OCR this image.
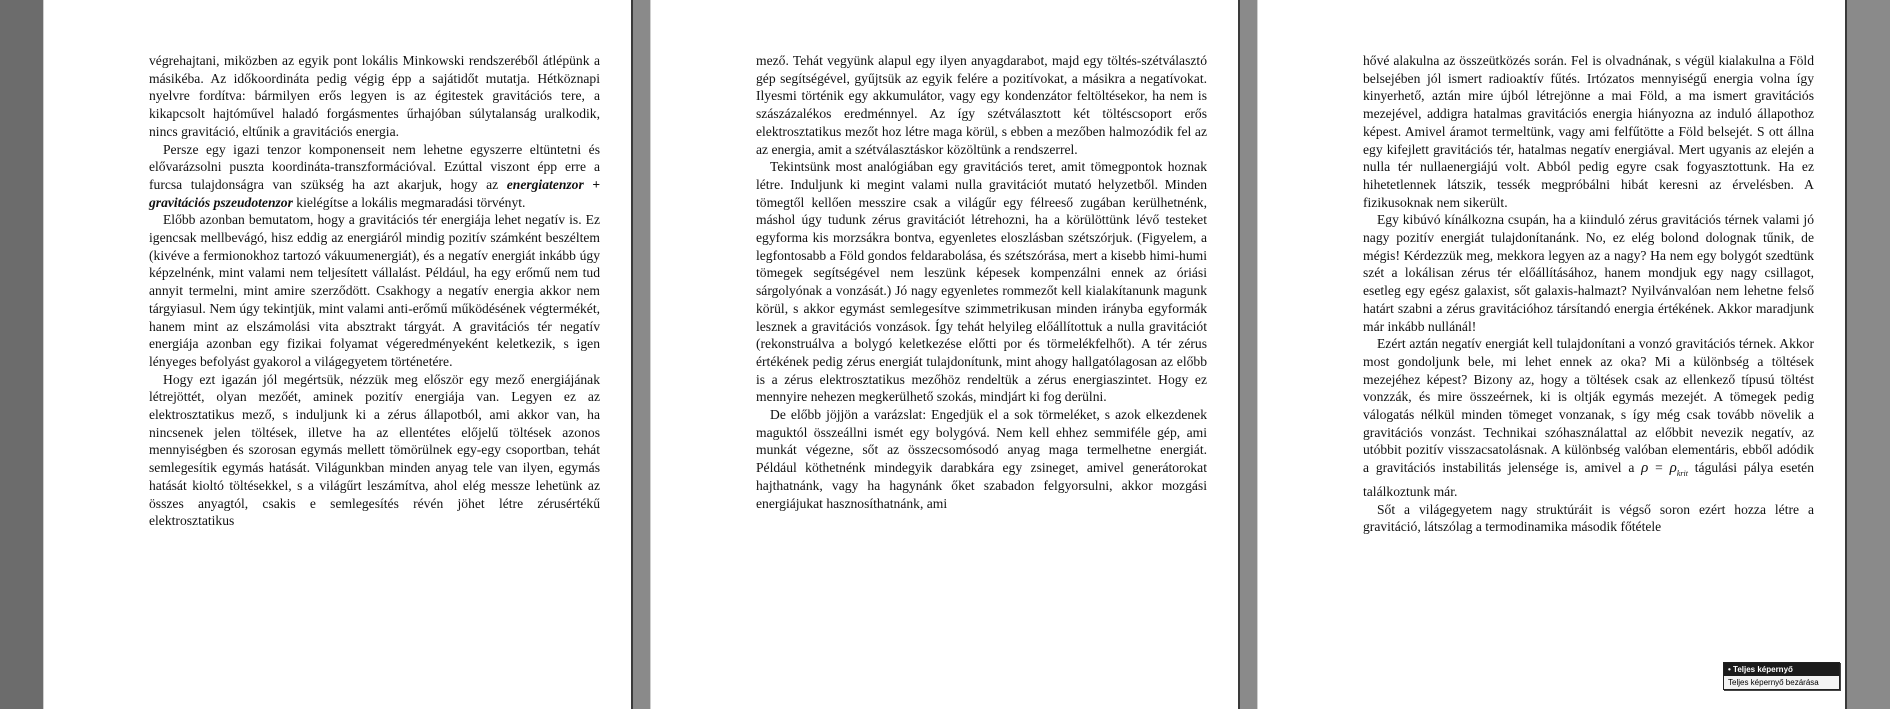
végrehajtani, miközben az egyik pont lokális Minkowski rendszeréből átlépünk a másikéba. Az időkoordináta pedig végig épp a sajátidőt mutatja. Hétköznapi nyelvre fordítva: bármilyen erős legyen is az égitestek gravitációs tere, a kikapcsolt hajtóművel haladó forgásmentes űrhajóban súlytalanság uralkodik, nincs gravitáció, eltűnik a gravitációs energia.

Persze egy igazi tenzor komponenseit nem lehetne egyszerre eltüntetni és elővarázsolni puszta koordináta-transzformációval. Ezúttal viszont épp erre a furcsa tulajdonságra van szükség ha azt akarjuk, hogy az energiatenzor + gravitációs pszeudotenzor kielégítse a lokális megmaradási törvényt.

Előbb azonban bemutatom, hogy a gravitációs tér energiája lehet negatív is. Ez igencsak mellbevágó, hisz eddig az energiáról mindig pozitív számként beszéltem (kivéve a fermionokhoz tartozó vákuumenergiát), és a negatív energiát inkább úgy képzelnénk, mint valami nem teljesített vállalást. Például, ha egy erőmű nem tud annyit termelni, mint amire szerződött. Csakhogy a negatív energia akkor nem tárgyiasul. Nem úgy tekintjük, mint valami anti-erőmű működésének végtermékét, hanem mint az elszámolási vita absztrakt tárgyát. A gravitációs tér negatív energiája azonban egy fizikai folyamat végeredményeként keletkezik, s igen lényeges befolyást gyakorol a világegyetem történetére.

Hogy ezt igazán jól megértsük, nézzük meg először egy mező energiájának létrejöttét, olyan mezőét, aminek pozitív energiája van. Legyen ez az elektrosztatikus mező, s induljunk ki a zérus állapotból, ami akkor van, ha nincsenek jelen töltések, illetve ha az ellentétes előjelű töltések azonos mennyiségben és szorosan egymás mellett tömörülnek egy-egy csoportban, tehát semlegesítik egymás hatását. Világunkban minden anyag tele van ilyen, egymás hatását kioltó töltésekkel, s a világűrt leszámítva, ahol elég messze lehetünk az összes anyagtól, csakis e semlegesítés révén jöhet létre zérusértékű elektrosztatikus

mező. Tehát vegyünk alapul egy ilyen anyagdarabot, majd egy töltés-szétválasztó gép segítségével, gyűjtsük az egyik felére a pozitívokat, a másikra a negatívokat. Ilyesmi történik egy akkumulátor, vagy egy kondenzátor feltöltésekor, ha nem is szászázalékos eredménnyel. Az így szétválasztott két töltéscsoport erős elektrosztatikus mezőt hoz létre maga körül, s ebben a mezőben halmozódik fel az az energia, amit a szétválasztáskor közöltünk a rendszerrel.

Tekintsünk most analógiában egy gravitációs teret, amit tömegpontok hoznak létre. Induljunk ki megint valami nulla gravitációt mutató helyzetből. Minden tömegtől kellően messzire csak a világűr egy félreeső zugában kerülhetnénk, máshol úgy tudunk zérus gravitációt létrehozni, ha a körülöttünk lévő testeket egyforma kis morzsákra bontva, egyenletes eloszlásban szétszórjuk. (Figyelem, a legfontosabb a Föld gondos feldarabolása, és szétszórása, mert a kisebb himi-humi tömegek segítségével nem leszünk képesek kompenzálni ennek az óriási sárgolyónak a vonzását.) Jó nagy egyenletes rommezőt kell kialakítanunk magunk körül, s akkor egymást semlegesítve szimmetrikusan minden irányba egyformák lesznek a gravitációs vonzások. Így tehát helyileg előállítottuk a nulla gravitációt (rekonstruálva a bolygó keletkezése előtti por és törmelékfelhőt). A tér zérus értékének pedig zérus energiát tulajdonítunk, mint ahogy hallgatólagosan az előbb is a zérus elektrosztatikus mezőhöz rendeltük a zérus energiaszintet. Hogy ez mennyire nehezen megkerülhető szokás, mindjárt ki fog derülni.

De előbb jöjjön a varázslat: Engedjük el a sok törmeléket, s azok elkezdenek maguktól összeállni ismét egy bolygóvá. Nem kell ehhez semmiféle gép, ami munkát végezne, sőt az összecsomósodó anyag maga termelhetne energiát. Például köthetnénk mindegyik darabkára egy zsineget, amivel generátorokat hajthatnánk, vagy ha hagynánk őket szabadon felgyorsulni, akkor mozgási energiájukat hasznosíthatnánk, ami

hővé alakulna az összeütközés során. Fel is olvadnának, s végül kialakulna a Föld belsejében jól ismert radioaktív fűtés. Irtózatos mennyiségű energia volna így kinyerhető, aztán mire újból létrejönne a mai Föld, a ma ismert gravitációs mezejével, addigra hatalmas gravitációs energia hiányozna az induló állapothoz képest. Amivel áramot termeltünk, vagy ami felfűtötte a Föld belsejét. S ott állna egy kifejlett gravitációs tér, hatalmas negatív energiával. Mert ugyanis az elején a nulla tér nullaenergiájú volt. Abból pedig egyre csak fogyasztottunk. Ha ez hihetetlennek látszik, tessék megpróbálni hibát keresni az érvelésben. A fizikusoknak nem sikerült.

Egy kibúvó kínálkozna csupán, ha a kiinduló zérus gravitációs térnek valami jó nagy pozitív energiát tulajdonítanánk. No, ez elég bolond dolognak tűnik, de mégis! Kérdezzük meg, mekkora legyen az a nagy? Ha nem egy bolygót szedtünk szét a lokálisan zérus tér előállításához, hanem mondjuk egy nagy csillagot, esetleg egy egész galaxist, sőt galaxis-halmazt? Nyilvánvalóan nem lehetne felső határt szabni a zérus gravitációhoz társítandó energia értékének. Akkor maradjunk már inkább nullánál!

Ezért aztán negatív energiát kell tulajdonítani a vonzó gravitációs térnek. Akkor most gondoljunk bele, mi lehet ennek az oka? Mi a különbség a töltések mezejéhez képest? Bizony az, hogy a töltések csak az ellenkező típusú töltést vonzzák, és mire összeérnek, ki is oltják egymás mezejét. A tömegek pedig válogatás nélkül minden tömeget vonzanak, s így még csak tovább növelik a gravitációs vonzást. Technikai szóhasználattal az előbbit nevezik negatív, az utóbbit pozitív visszacsatolásnak. A különbség valóban elementáris, ebből adódik a gravitációs instabilitás jelensége is, amivel a $\rho = \rho_{krit}$ tágulási pálya esetén találkoztunk már.

Sőt a világegyetem nagy struktúráit is végső soron ezért hozza létre a gravitáció, látszólag a termodinamika második főtétele

• Teljes képernyő
Teljes képernyő bezárása
